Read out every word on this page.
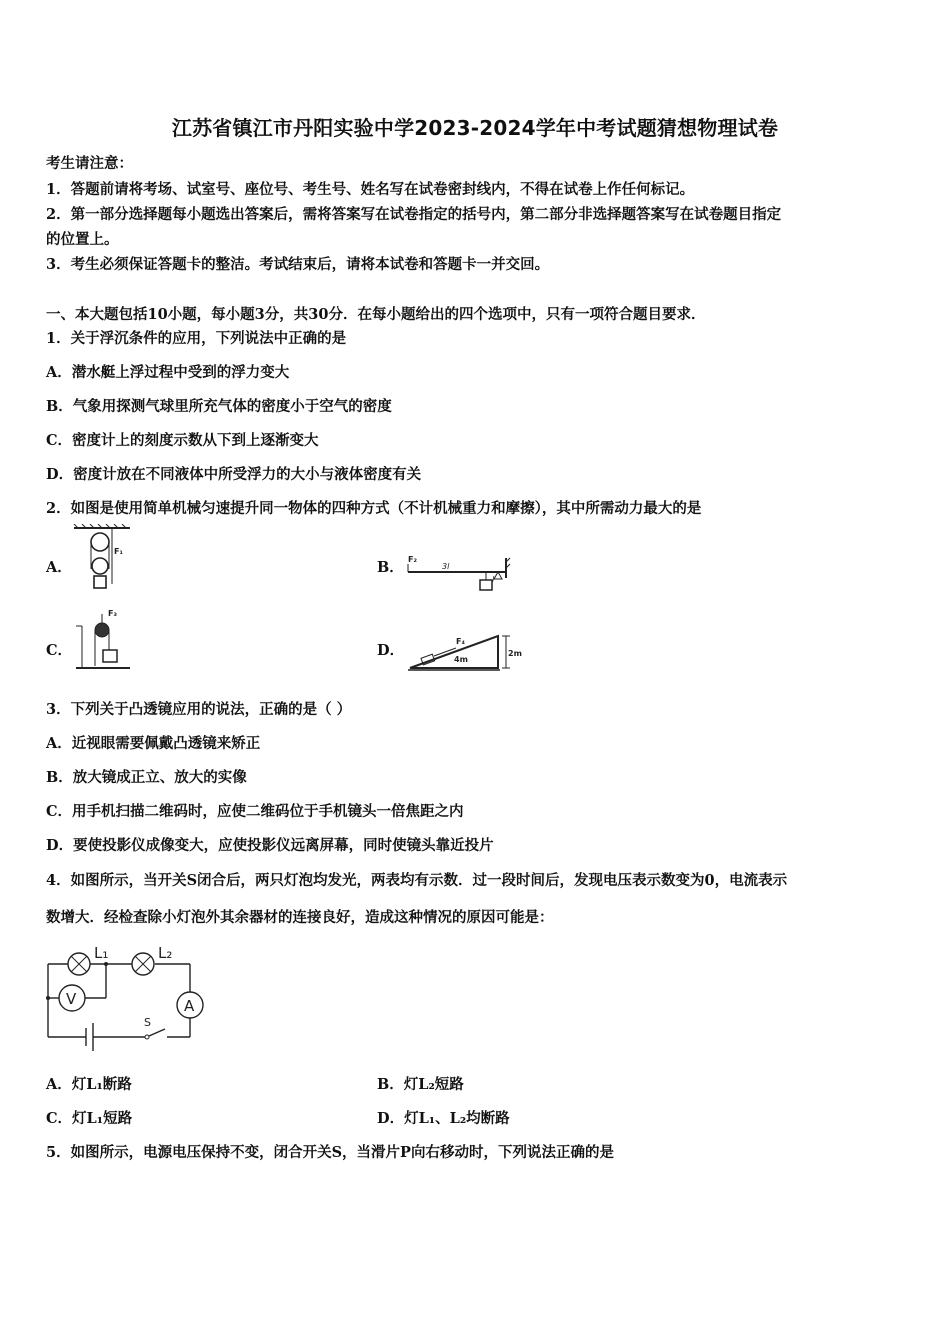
江苏省镇江市丹阳实验中学2023-2024学年中考试题猜想物理试卷
考生请注意：
1．答题前请将考场、试室号、座位号、考生号、姓名写在试卷密封线内，不得在试卷上作任何标记。
2．第一部分选择题每小题选出答案后，需将答案写在试卷指定的括号内，第二部分非选择题答案写在试卷题目指定
的位置上。
3．考生必须保证答题卡的整洁。考试结束后，请将本试卷和答题卡一并交回。
一、本大题包括10小题，每小题3分，共30分．在每小题给出的四个选项中，只有一项符合题目要求．
1．关于浮沉条件的应用，下列说法中正确的是
A．潜水艇上浮过程中受到的浮力变大
B．气象用探测气球里所充气体的密度小于空气的密度
C．密度计上的刻度示数从下到上逐渐变大
D．密度计放在不同液体中所受浮力的大小与液体密度有关
2．如图是使用简单机械匀速提升同一物体的四种方式（不计机械重力和摩擦），其中所需动力最大的是
A．
F₁
B． F₂
3l
l
C．
F₃
D．
F₄
4m
2m
3．下列关于凸透镜应用的说法，正确的是（ ）
A．近视眼需要佩戴凸透镜来矫正
B．放大镜成正立、放大的实像
C．用手机扫描二维码时，应使二维码位于手机镜头一倍焦距之内
D．要使投影仪成像变大，应使投影仪远离屏幕，同时使镜头靠近投片
4．如图所示，当开关S闭合后，两只灯泡均发光，两表均有示数．过一段时间后，发现电压表示数变为0，电流表示
数增大．经检查除小灯泡外其余器材的连接良好，造成这种情况的原因可能是：
L₁	L₂
V	A
S
A．灯L₁断路	B．灯L₂短路
C．灯L₁短路	D．灯L₁、L₂均断路
5．如图所示，电源电压保持不变，闭合开关S，当滑片P向右移动时，下列说法正确的是
